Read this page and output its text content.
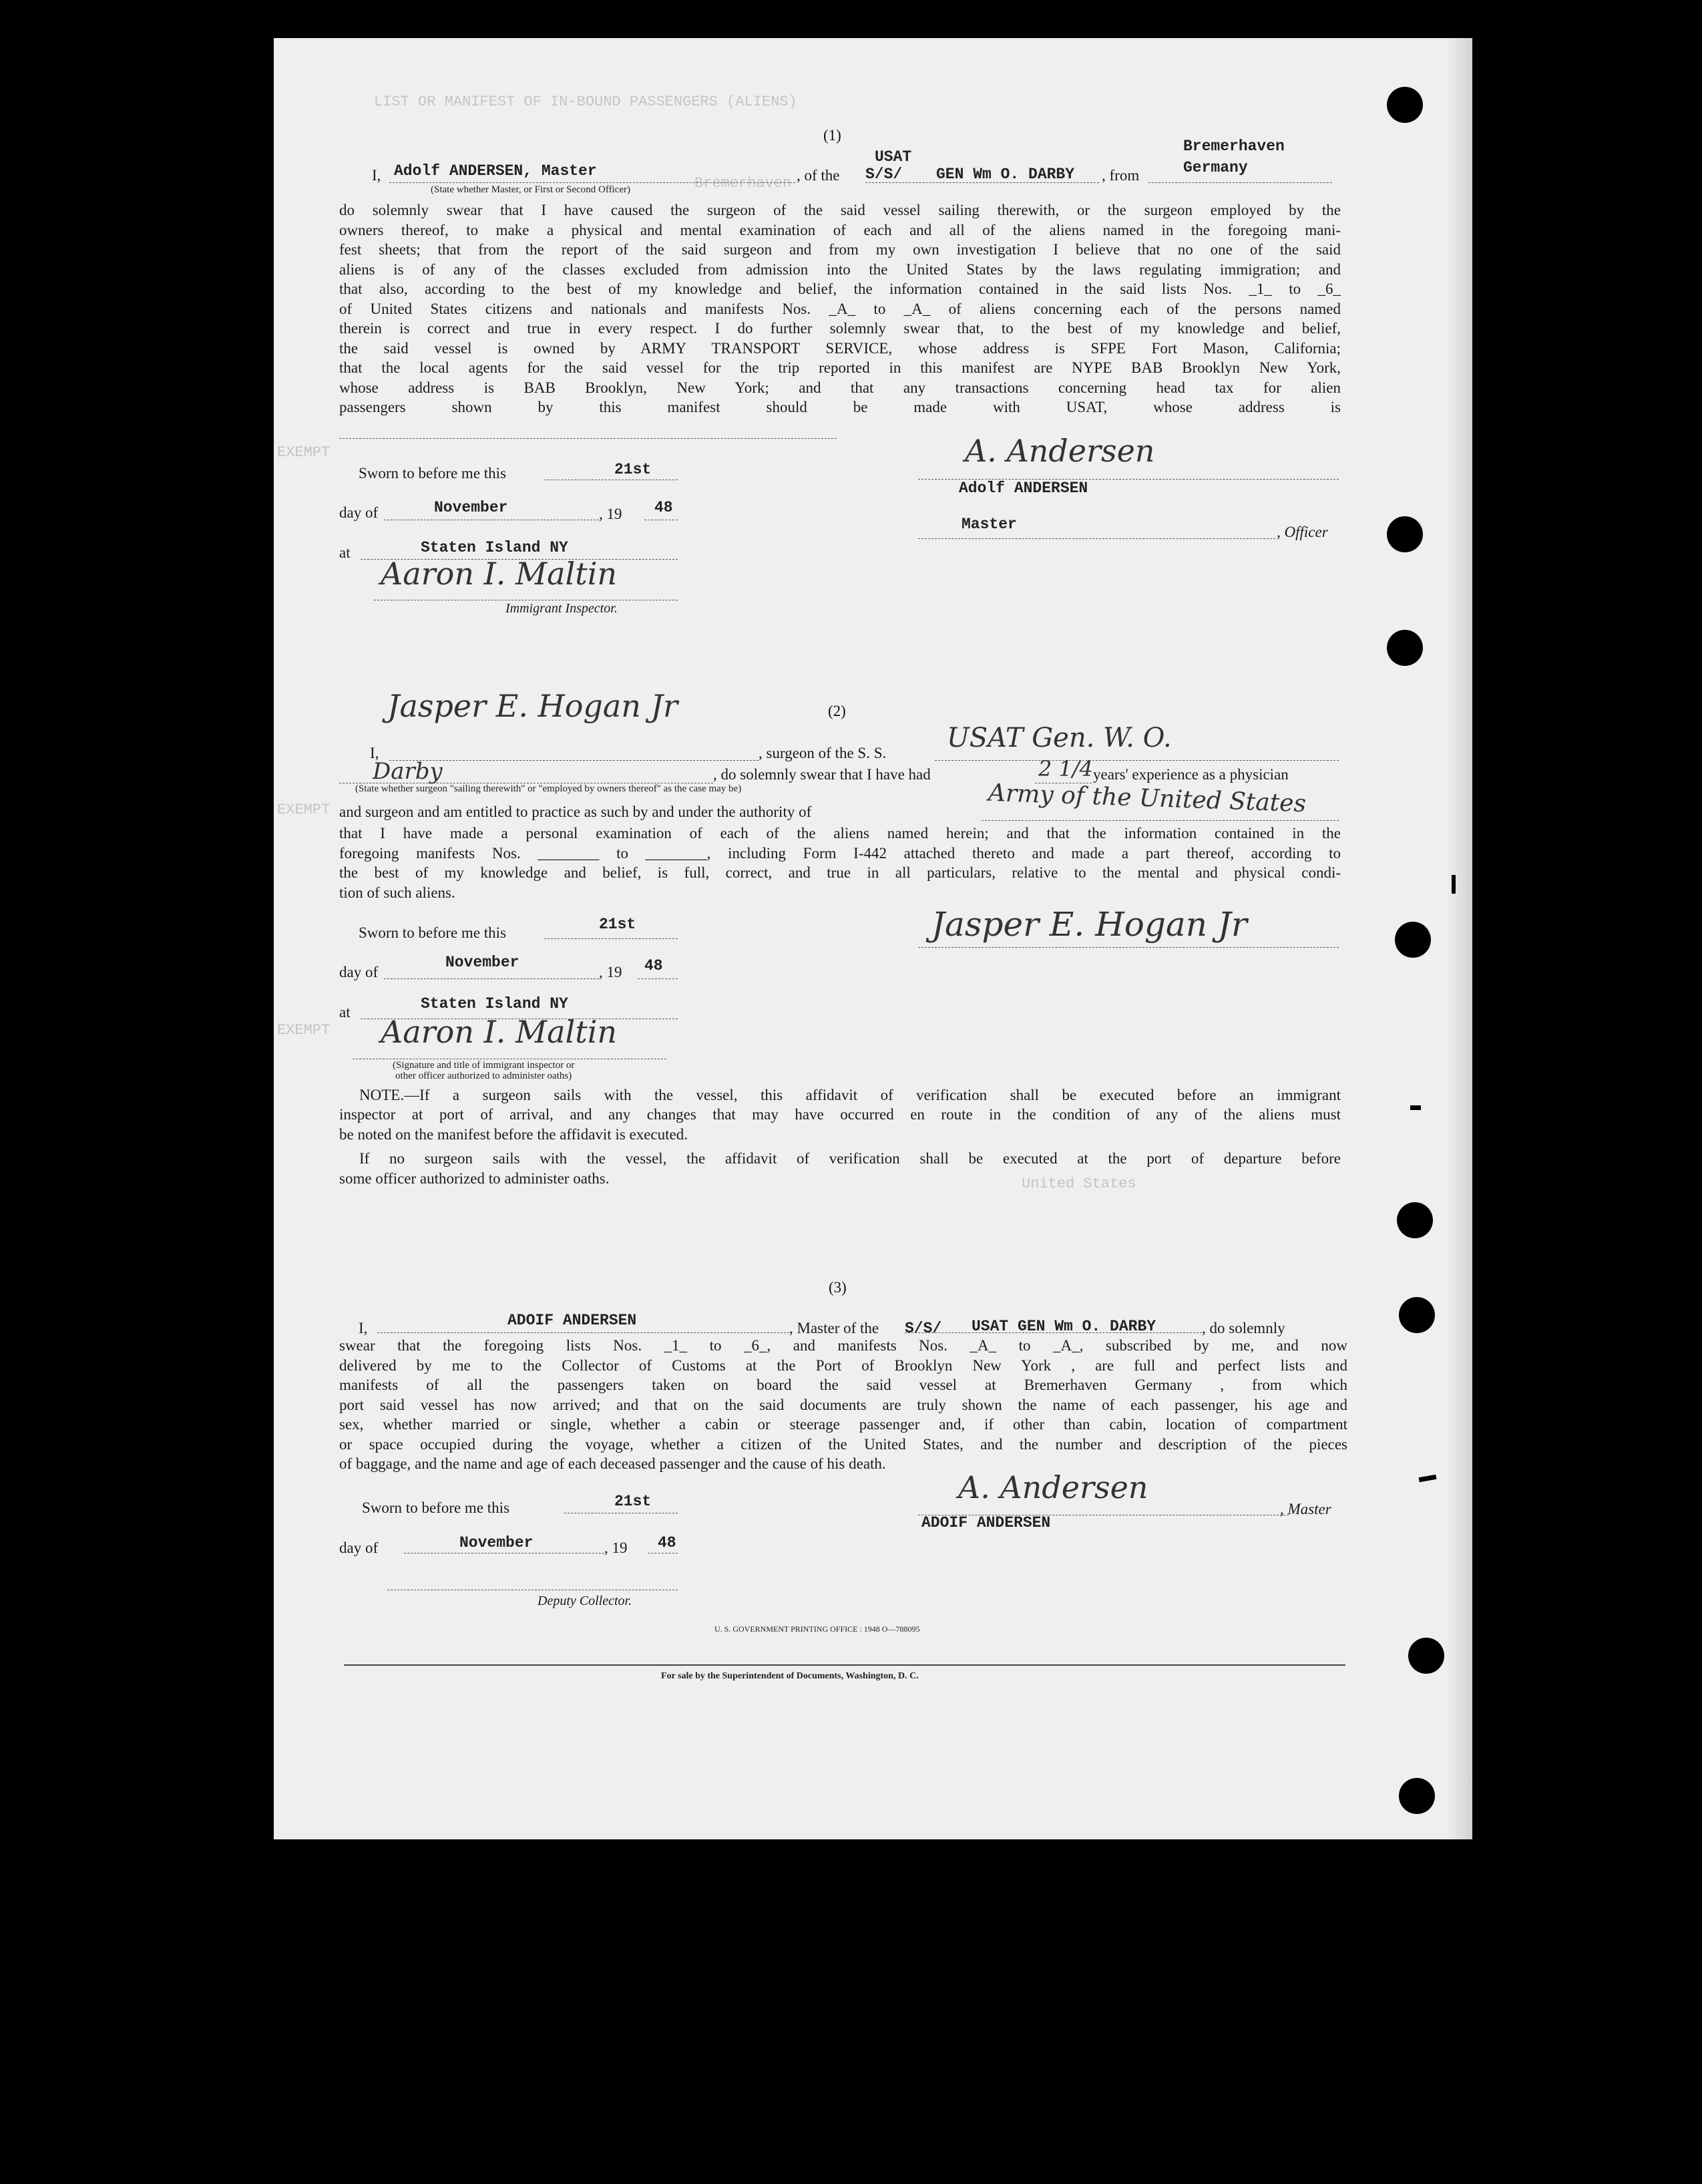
LIST OR MANIFEST OF IN-BOUND PASSENGERS (ALIENS)
Bremerhaven
EXEMPT
EXEMPT
EXEMPT
United States
(1)
I, Adolf ANDERSEN, Master
(State whether Master, or First or Second Officer)
, of the
USAT
S/S/ GEN Wm O. DARBY , from
Bremerhaven
Germany
do solemnly swear that I have caused the surgeon of the said vessel sailing therewith, or the surgeon employed by the
owners thereof, to make a physical and mental examination of each and all of the aliens named in the foregoing mani-
fest sheets; that from the report of the said surgeon and from my own investigation I believe that no one of the said
aliens is of any of the classes excluded from admission into the United States by the laws regulating immigration; and
that also, according to the best of my knowledge and belief, the information contained in the said lists Nos. _1_ to _6_
of United States citizens and nationals and manifests Nos. _A_ to _A_ of aliens concerning each of the persons named
therein is correct and true in every respect. I do further solemnly swear that, to the best of my knowledge and belief,
the said vessel is owned by ARMY TRANSPORT SERVICE, whose address is SFPE Fort Mason, California;
that the local agents for the said vessel for the trip reported in this manifest are NYPE BAB Brooklyn New York,
whose address is BAB Brooklyn, New York; and that any transactions concerning head tax for alien
passengers shown by this manifest should be made with USAT, whose address is
Sworn to before me this	21st
day of	November	, 19 48
at	Staten Island NY
Aaron I. Maltin
Immigrant Inspector.
A. Andersen
Adolf ANDERSEN
Master	, Officer
Jasper E. Hogan Jr	(2)
I,	, surgeon of the S. S. USAT Gen. W. O.
Darby	, do solemnly swear that I have had	2 1/4 years' experience as a physician
(State whether surgeon "sailing therewith" or "employed by owners thereof" as the case may be)
and surgeon and am entitled to practice as such by and under the authority of	Army of the United States
that I have made a personal examination of each of the aliens named herein; and that the information contained in the
foregoing manifests Nos. ________ to ________, including Form I-442 attached thereto and made a part thereof, according to
the best of my knowledge and belief, is full, correct, and true in all particulars, relative to the mental and physical condi-
tion of such aliens.
Sworn to before me this	21st
day of
November
, 19 48
at	Staten Island NY
Aaron I. Maltin
(Signature and title of immigrant inspector or
other officer authorized to administer oaths)
Jasper E. Hogan Jr
NOTE.—If a surgeon sails with the vessel, this affidavit of verification shall be executed before an immigrant
inspector at port of arrival, and any changes that may have occurred en route in the condition of any of the aliens must
be noted on the manifest before the affidavit is executed.
If no surgeon sails with the vessel, the affidavit of verification shall be executed at the port of departure before
some officer authorized to administer oaths.
(3)
I,	ADOIF ANDERSEN	, Master of the S/S/ USAT GEN Wm O. DARBY	, do solemnly
swear that the foregoing lists Nos. _1_ to _6_, and manifests Nos. _A_ to _A_, subscribed by me, and now
delivered by me to the Collector of Customs at the Port of Brooklyn New York , are full and perfect lists and
manifests of all the passengers taken on board the said vessel at Bremerhaven Germany , from which
port said vessel has now arrived; and that on the said documents are truly shown the name of each passenger, his age and
sex, whether married or single, whether a cabin or steerage passenger and, if other than cabin, location of compartment
or space occupied during the voyage, whether a citizen of the United States, and the number and description of the pieces
of baggage, and the name and age of each deceased passenger and the cause of his death.
Sworn to before me this	21st
day of	November	, 19 48
Deputy Collector.
A. Andersen
, Master
ADOIF ANDERSEN
U. S. GOVERNMENT PRINTING OFFICE : 1948 O—788095
For sale by the Superintendent of Documents, Washington, D. C.
